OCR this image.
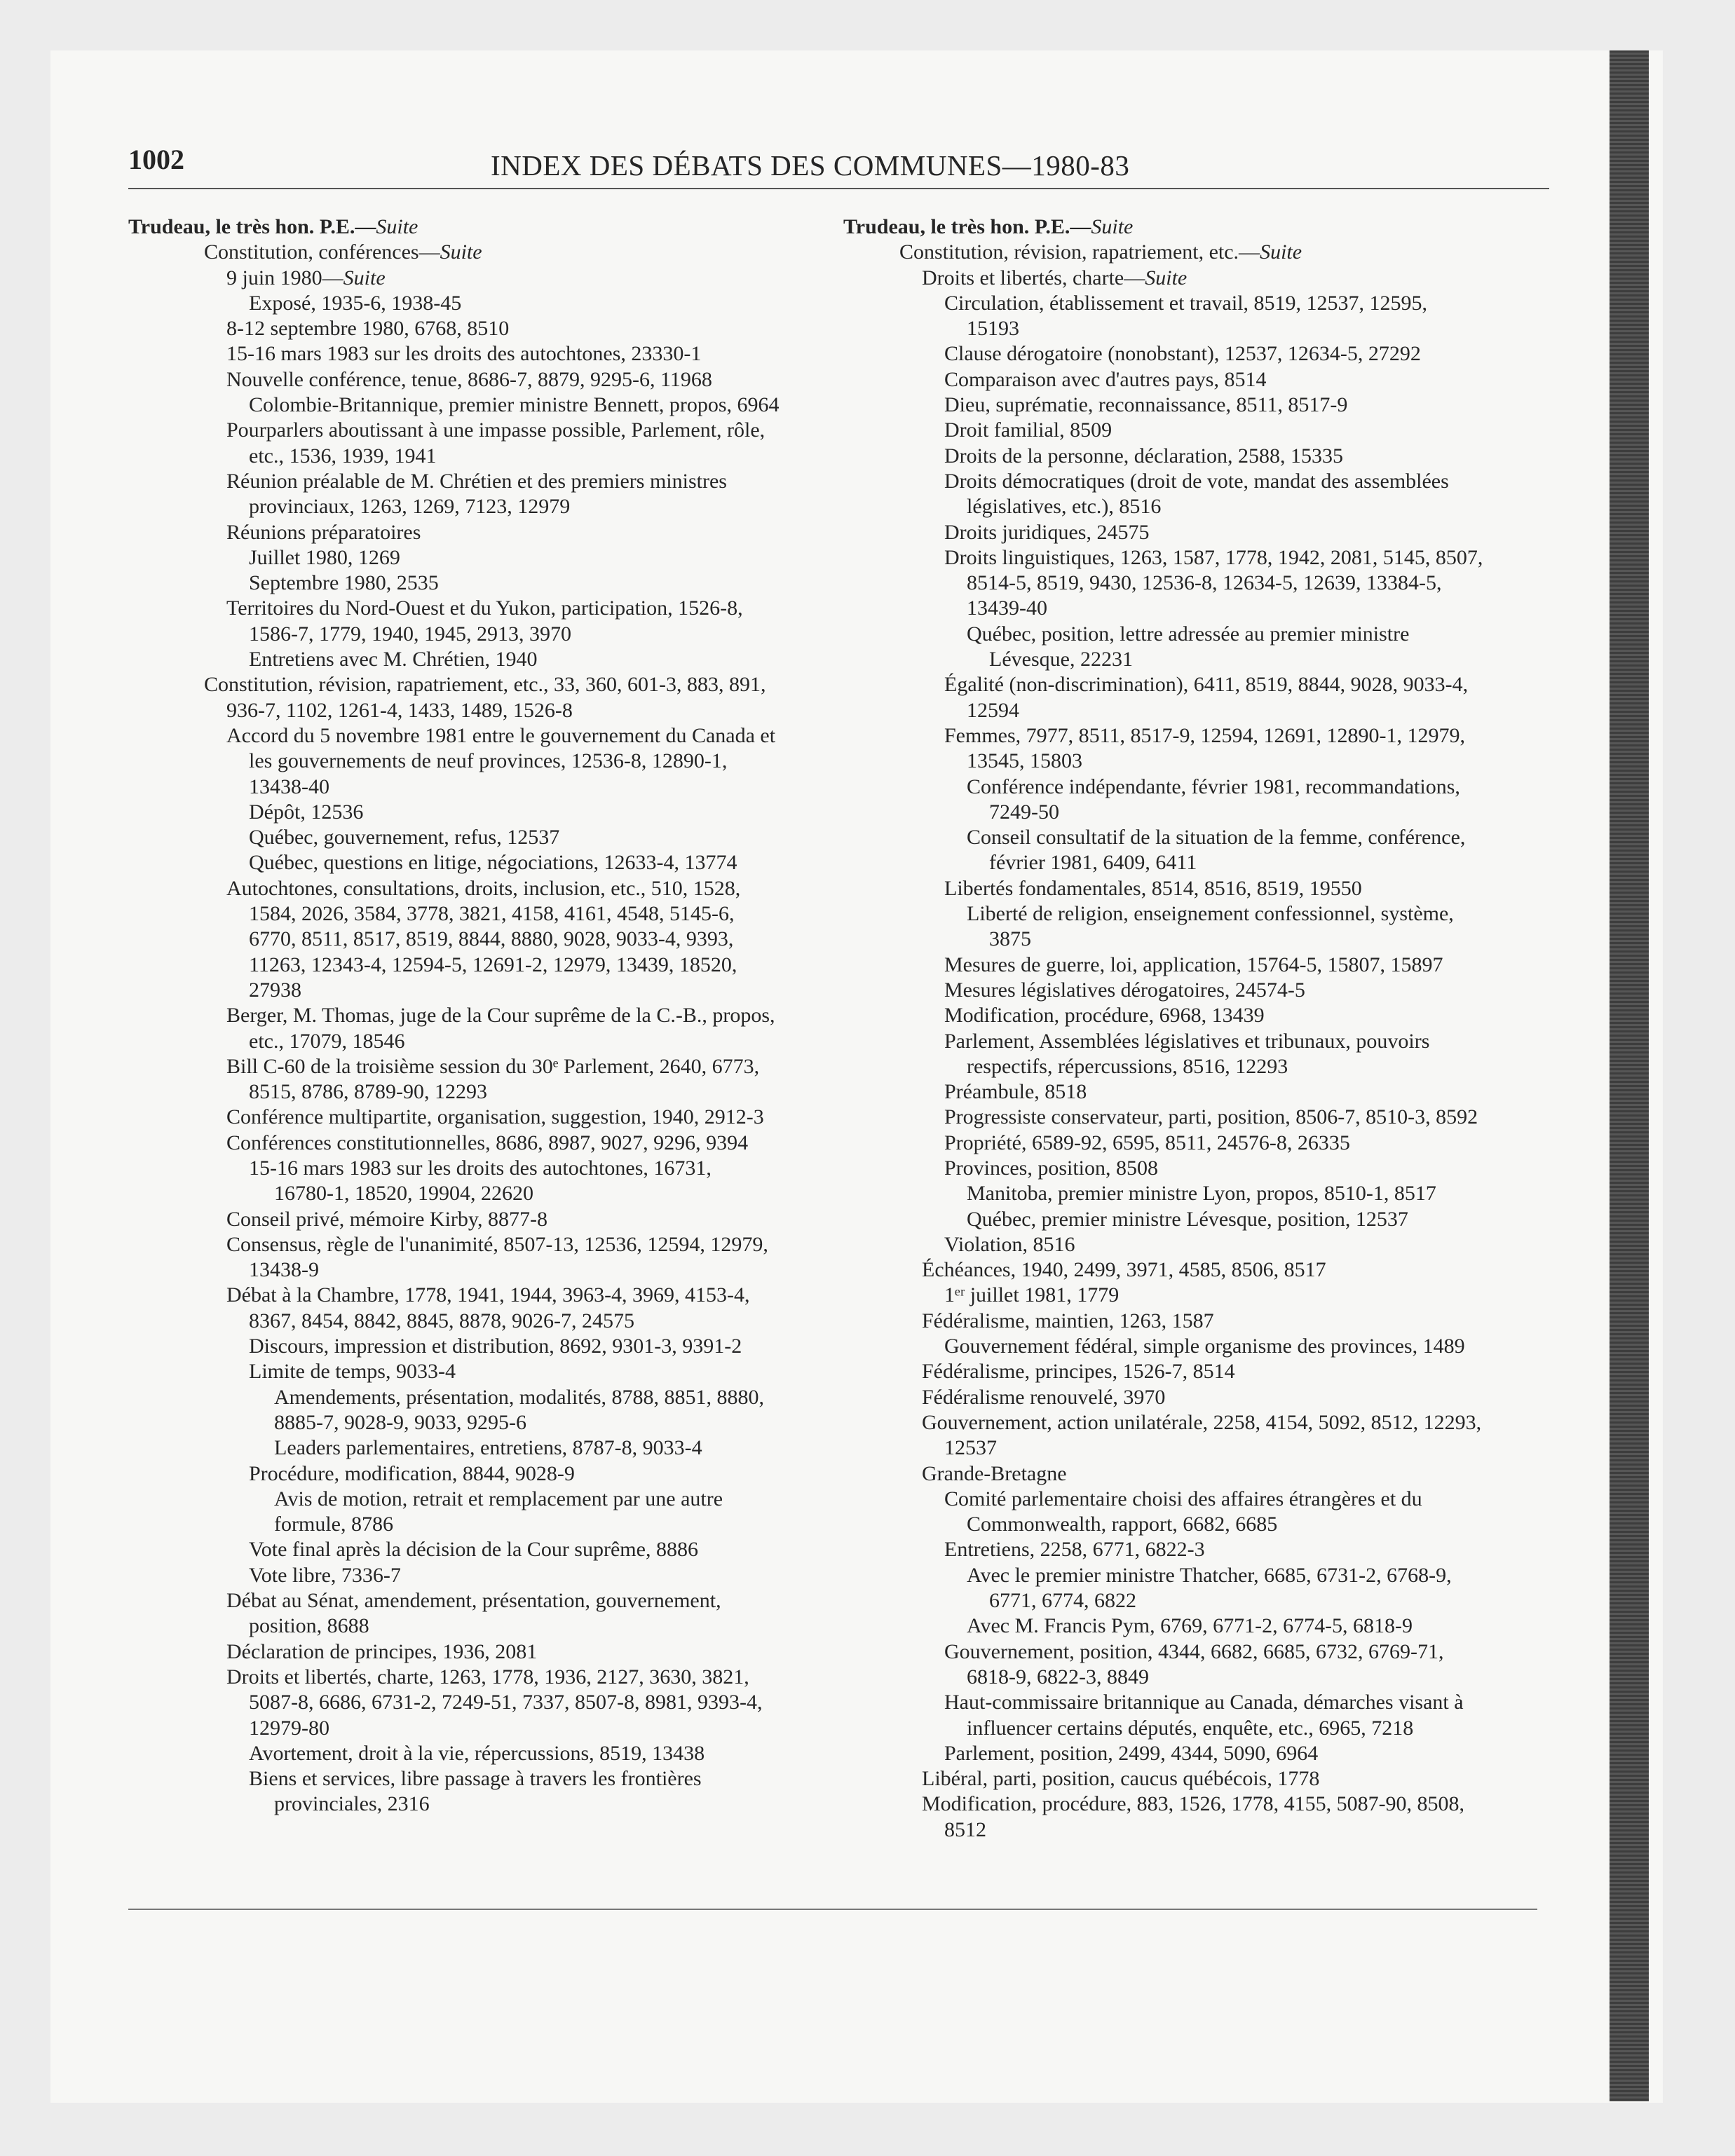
1002	INDEX DES DÉBATS DES COMMUNES—1980-83
Trudeau, le très hon. P.E.—Suite
Constitution, conférences—Suite
9 juin 1980—Suite
Exposé, 1935-6, 1938-45
8-12 septembre 1980, 6768, 8510
15-16 mars 1983 sur les droits des autochtones, 23330-1
Nouvelle conférence, tenue, 8686-7, 8879, 9295-6, 11968
Colombie-Britannique, premier ministre Bennett, propos, 6964
Pourparlers aboutissant à une impasse possible, Parlement, rôle,
etc., 1536, 1939, 1941
Réunion préalable de M. Chrétien et des premiers ministres
provinciaux, 1263, 1269, 7123, 12979
Réunions préparatoires
Juillet 1980, 1269
Septembre 1980, 2535
Territoires du Nord-Ouest et du Yukon, participation, 1526-8,
1586-7, 1779, 1940, 1945, 2913, 3970
Entretiens avec M. Chrétien, 1940
Constitution, révision, rapatriement, etc., 33, 360, 601-3, 883, 891,
936-7, 1102, 1261-4, 1433, 1489, 1526-8
Accord du 5 novembre 1981 entre le gouvernement du Canada et
les gouvernements de neuf provinces, 12536-8, 12890-1,
13438-40
Dépôt, 12536
Québec, gouvernement, refus, 12537
Québec, questions en litige, négociations, 12633-4, 13774
Autochtones, consultations, droits, inclusion, etc., 510, 1528,
1584, 2026, 3584, 3778, 3821, 4158, 4161, 4548, 5145-6,
6770, 8511, 8517, 8519, 8844, 8880, 9028, 9033-4, 9393,
11263, 12343-4, 12594-5, 12691-2, 12979, 13439, 18520,
27938
Berger, M. Thomas, juge de la Cour suprême de la C.-B., propos,
etc., 17079, 18546
Bill C-60 de la troisième session du 30ᵉ Parlement, 2640, 6773,
8515, 8786, 8789-90, 12293
Conférence multipartite, organisation, suggestion, 1940, 2912-3
Conférences constitutionnelles, 8686, 8987, 9027, 9296, 9394
15-16 mars 1983 sur les droits des autochtones, 16731,
16780-1, 18520, 19904, 22620
Conseil privé, mémoire Kirby, 8877-8
Consensus, règle de l'unanimité, 8507-13, 12536, 12594, 12979,
13438-9
Débat à la Chambre, 1778, 1941, 1944, 3963-4, 3969, 4153-4,
8367, 8454, 8842, 8845, 8878, 9026-7, 24575
Discours, impression et distribution, 8692, 9301-3, 9391-2
Limite de temps, 9033-4
Amendements, présentation, modalités, 8788, 8851, 8880,
8885-7, 9028-9, 9033, 9295-6
Leaders parlementaires, entretiens, 8787-8, 9033-4
Procédure, modification, 8844, 9028-9
Avis de motion, retrait et remplacement par une autre
formule, 8786
Vote final après la décision de la Cour suprême, 8886
Vote libre, 7336-7
Débat au Sénat, amendement, présentation, gouvernement,
position, 8688
Déclaration de principes, 1936, 2081
Droits et libertés, charte, 1263, 1778, 1936, 2127, 3630, 3821,
5087-8, 6686, 6731-2, 7249-51, 7337, 8507-8, 8981, 9393-4,
12979-80
Avortement, droit à la vie, répercussions, 8519, 13438
Biens et services, libre passage à travers les frontières
provinciales, 2316
Trudeau, le très hon. P.E.—Suite
Constitution, révision, rapatriement, etc.—Suite
Droits et libertés, charte—Suite
Circulation, établissement et travail, 8519, 12537, 12595,
15193
Clause dérogatoire (nonobstant), 12537, 12634-5, 27292
Comparaison avec d'autres pays, 8514
Dieu, suprématie, reconnaissance, 8511, 8517-9
Droit familial, 8509
Droits de la personne, déclaration, 2588, 15335
Droits démocratiques (droit de vote, mandat des assemblées
législatives, etc.), 8516
Droits juridiques, 24575
Droits linguistiques, 1263, 1587, 1778, 1942, 2081, 5145, 8507,
8514-5, 8519, 9430, 12536-8, 12634-5, 12639, 13384-5,
13439-40
Québec, position, lettre adressée au premier ministre
Lévesque, 22231
Égalité (non-discrimination), 6411, 8519, 8844, 9028, 9033-4,
12594
Femmes, 7977, 8511, 8517-9, 12594, 12691, 12890-1, 12979,
13545, 15803
Conférence indépendante, février 1981, recommandations,
7249-50
Conseil consultatif de la situation de la femme, conférence,
février 1981, 6409, 6411
Libertés fondamentales, 8514, 8516, 8519, 19550
Liberté de religion, enseignement confessionnel, système,
3875
Mesures de guerre, loi, application, 15764-5, 15807, 15897
Mesures législatives dérogatoires, 24574-5
Modification, procédure, 6968, 13439
Parlement, Assemblées législatives et tribunaux, pouvoirs
respectifs, répercussions, 8516, 12293
Préambule, 8518
Progressiste conservateur, parti, position, 8506-7, 8510-3, 8592
Propriété, 6589-92, 6595, 8511, 24576-8, 26335
Provinces, position, 8508
Manitoba, premier ministre Lyon, propos, 8510-1, 8517
Québec, premier ministre Lévesque, position, 12537
Violation, 8516
Échéances, 1940, 2499, 3971, 4585, 8506, 8517
1ᵉʳ juillet 1981, 1779
Fédéralisme, maintien, 1263, 1587
Gouvernement fédéral, simple organisme des provinces, 1489
Fédéralisme, principes, 1526-7, 8514
Fédéralisme renouvelé, 3970
Gouvernement, action unilatérale, 2258, 4154, 5092, 8512, 12293,
12537
Grande-Bretagne
Comité parlementaire choisi des affaires étrangères et du
Commonwealth, rapport, 6682, 6685
Entretiens, 2258, 6771, 6822-3
Avec le premier ministre Thatcher, 6685, 6731-2, 6768-9,
6771, 6774, 6822
Avec M. Francis Pym, 6769, 6771-2, 6774-5, 6818-9
Gouvernement, position, 4344, 6682, 6685, 6732, 6769-71,
6818-9, 6822-3, 8849
Haut-commissaire britannique au Canada, démarches visant à
influencer certains députés, enquête, etc., 6965, 7218
Parlement, position, 2499, 4344, 5090, 6964
Libéral, parti, position, caucus québécois, 1778
Modification, procédure, 883, 1526, 1778, 4155, 5087-90, 8508,
8512
